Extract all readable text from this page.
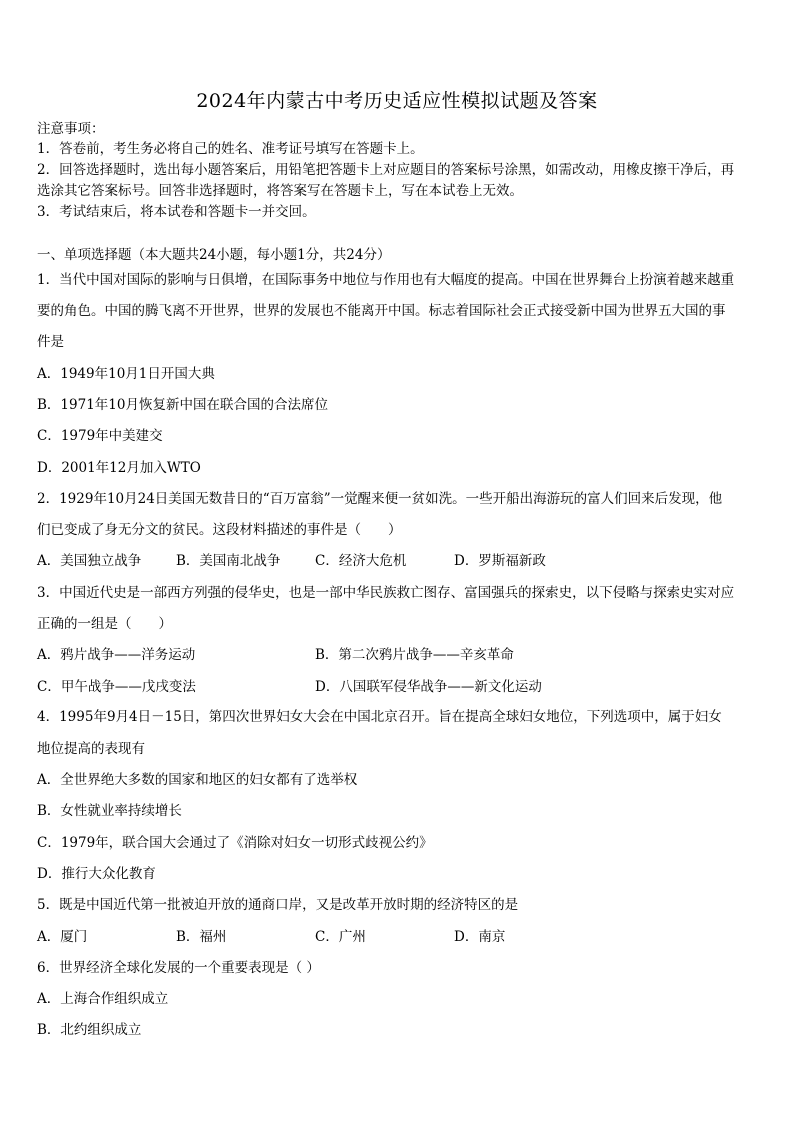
2024年内蒙古中考历史适应性模拟试题及答案
注意事项：
1．答卷前，考生务必将自己的姓名、准考证号填写在答题卡上。
2．回答选择题时，选出每小题答案后，用铅笔把答题卡上对应题目的答案标号涂黑，如需改动，用橡皮擦干净后，再
选涂其它答案标号。回答非选择题时，将答案写在答题卡上，写在本试卷上无效。
3．考试结束后，将本试卷和答题卡一并交回。
一、单项选择题（本大题共24小题，每小题1分，共24分）
1．当代中国对国际的影响与日俱增，在国际事务中地位与作用也有大幅度的提高。中国在世界舞台上扮演着越来越重
要的角色。中国的腾飞离不开世界，世界的发展也不能离开中国。标志着国际社会正式接受新中国为世界五大国的事
件是
A．1949年10月1日开国大典
B．1971年10月恢复新中国在联合国的合法席位
C．1979年中美建交
D．2001年12月加入WTO
2．1929年10月24日美国无数昔日的“百万富翁”一觉醒来便一贫如洗。一些开船出海游玩的富人们回来后发现，他
们已变成了身无分文的贫民。这段材料描述的事件是（　　）
A．美国独立战争	B．美国南北战争	C．经济大危机	D．罗斯福新政
3．中国近代史是一部西方列强的侵华史，也是一部中华民族救亡图存、富国强兵的探索史，以下侵略与探索史实对应
正确的一组是（　　）
A．鸦片战争——洋务运动	B．第二次鸦片战争——辛亥革命
C．甲午战争——戊戌变法	D．八国联军侵华战争——新文化运动
4．1995年9月4日－15日，第四次世界妇女大会在中国北京召开。旨在提高全球妇女地位，下列选项中，属于妇女
地位提高的表现有
A．全世界绝大多数的国家和地区的妇女都有了选举权
B．女性就业率持续增长
C．1979年，联合国大会通过了《消除对妇女一切形式歧视公约》
D．推行大众化教育
5．既是中国近代第一批被迫开放的通商口岸，又是改革开放时期的经济特区的是
A．厦门	B．福州	C．广州	D．南京
6．世界经济全球化发展的一个重要表现是（ ）
A．上海合作组织成立
B．北约组织成立
